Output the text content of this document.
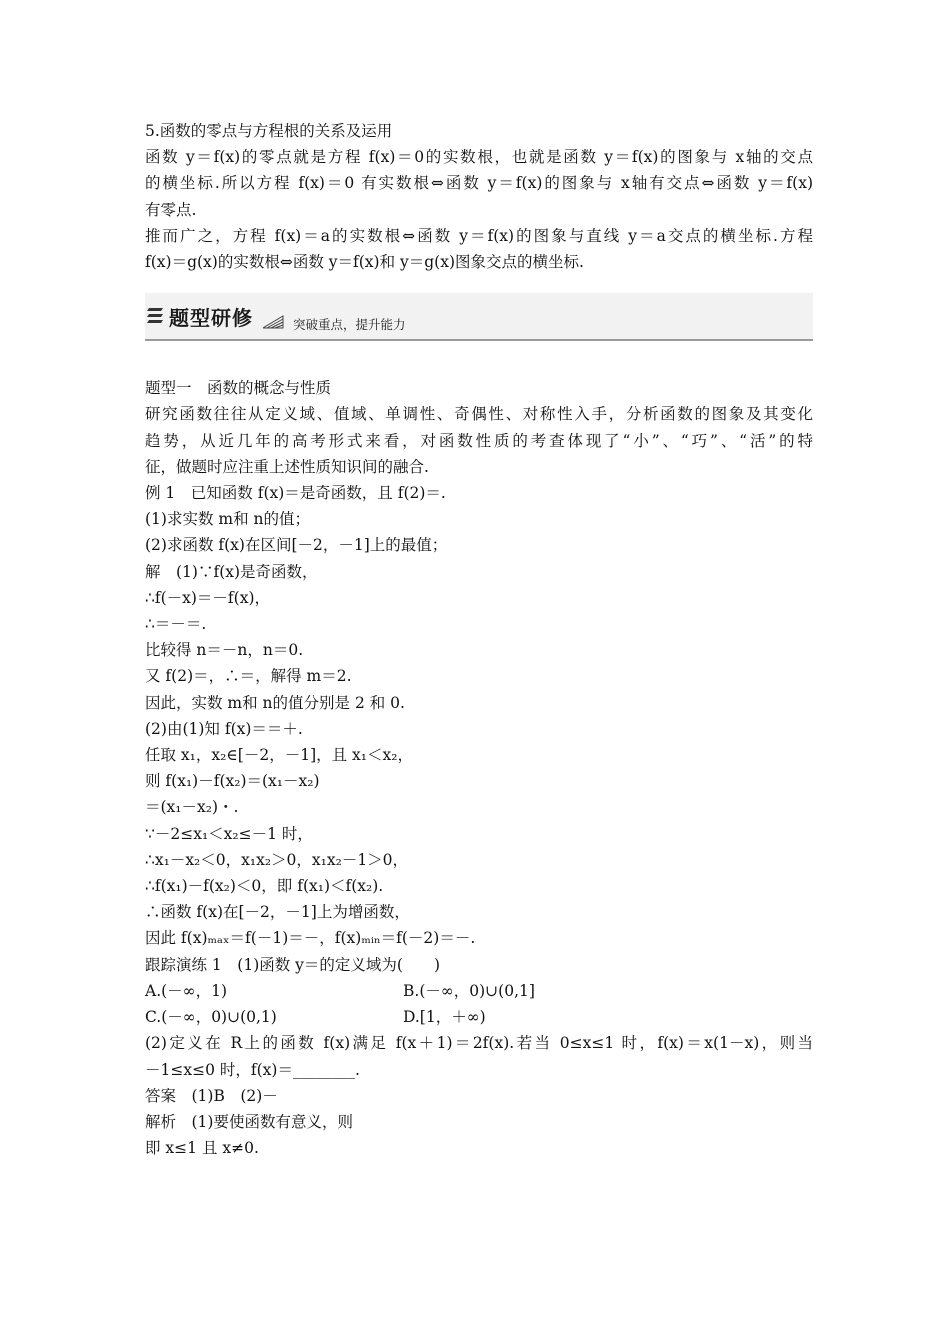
5.函数的零点与方程根的关系及运用
函数 y＝f(x)的零点就是方程 f(x)＝0的实数根，也就是函数 y＝f(x)的图象与 x轴的交点
的横坐标.所以方程 f(x)＝0 有实数根⇔函数 y＝f(x)的图象与 x轴有交点⇔函数 y＝f(x)
有零点.
推而广之，方程 f(x)＝a的实数根⇔函数 y＝f(x)的图象与直线 y＝a交点的横坐标.方程
f(x)＝g(x)的实数根⇔函数 y＝f(x)和 y＝g(x)图象交点的横坐标.
题型研修	突破重点，提升能力
题型一　函数的概念与性质
研究函数往往从定义域、值域、单调性、奇偶性、对称性入手，分析函数的图象及其变化
趋势，从近几年的高考形式来看，对函数性质的考查体现了“小”、“巧”、“活”的特
征，做题时应注重上述性质知识间的融合.
例 1　已知函数 f(x)＝是奇函数，且 f(2)＝.
(1)求实数 m和 n的值；
(2)求函数 f(x)在区间[－2，－1]上的最值；
解　(1)∵f(x)是奇函数，
∴f(－x)＝－f(x)，
∴＝－＝.
比较得 n＝－n，n＝0.
又 f(2)＝，∴＝，解得 m＝2.
因此，实数 m和 n的值分别是 2 和 0.
(2)由(1)知 f(x)＝＝＋.
任取 x₁，x₂∈[－2，－1]，且 x₁＜x₂，
则 f(x₁)－f(x₂)＝(x₁－x₂)
＝(x₁－x₂)・.
∵－2≤x₁＜x₂≤－1 时，
∴x₁－x₂＜0，x₁x₂＞0，x₁x₂－1＞0，
∴f(x₁)－f(x₂)＜0，即 f(x₁)＜f(x₂).
∴函数 f(x)在[－2，－1]上为增函数，
因此 f(x)ₘₐₓ＝f(－1)＝－，f(x)ₘᵢₙ＝f(－2)＝－.
跟踪演练 1　(1)函数 y＝的定义域为(　　)
A.(－∞，1)	B.(－∞，0)∪(0,1]
C.(－∞，0)∪(0,1)	D.[1，＋∞)
(2)定义在 R上的函数 f(x)满足 f(x＋1)＝2f(x).若当 0≤x≤1 时，f(x)＝x(1－x)，则当
－1≤x≤0 时，f(x)＝________.
答案　(1)B　(2)－
解析　(1)要使函数有意义，则
即 x≤1 且 x≠0.
